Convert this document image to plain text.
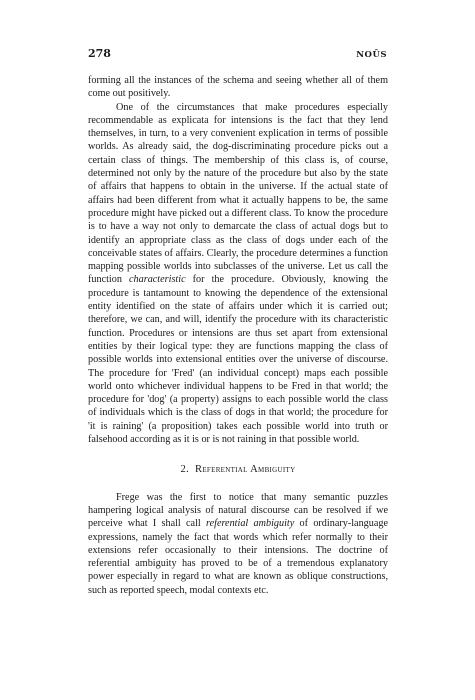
278	NOÛS

forming all the instances of the schema and seeing whether all of them come out positively.

One of the circumstances that make procedures especially recommendable as explicata for intensions is the fact that they lend themselves, in turn, to a very convenient explication in terms of possible worlds. As already said, the dog-discriminating procedure picks out a certain class of things. The membership of this class is, of course, determined not only by the nature of the procedure but also by the state of affairs that happens to obtain in the universe. If the actual state of affairs had been different from what it actually happens to be, the same procedure might have picked out a different class. To know the procedure is to have a way not only to demarcate the class of actual dogs but to identify an appropriate class as the class of dogs under each of the conceivable states of affairs. Clearly, the procedure determines a function mapping possible worlds into subclasses of the universe. Let us call the function characteristic for the procedure. Obviously, knowing the procedure is tantamount to knowing the dependence of the extensional entity identified on the state of affairs under which it is carried out; therefore, we can, and will, identify the procedure with its characteristic function. Procedures or intensions are thus set apart from extensional entities by their logical type: they are functions mapping the class of possible worlds into extensional entities over the universe of discourse. The procedure for 'Fred' (an individual concept) maps each possible world onto whichever individual happens to be Fred in that world; the procedure for 'dog' (a property) assigns to each possible world the class of individuals which is the class of dogs in that world; the procedure for 'it is raining' (a proposition) takes each possible world into truth or falsehood according as it is or is not raining in that possible world.

2. Referential Ambiguity

Frege was the first to notice that many semantic puzzles hampering logical analysis of natural discourse can be resolved if we perceive what I shall call referential ambiguity of ordinary-language expressions, namely the fact that words which refer normally to their extensions refer occasionally to their intensions. The doctrine of referential ambiguity has proved to be of a tremendous explanatory power especially in regard to what are known as oblique constructions, such as reported speech, modal contexts etc.
